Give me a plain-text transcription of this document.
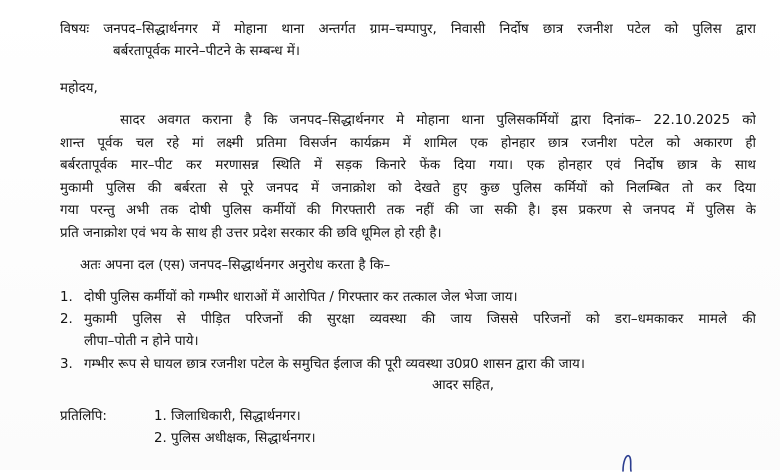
विषयः जनपद–सिद्धार्थनगर में मोहाना थाना अन्तर्गत ग्राम–चम्पापुर, निवासी निर्दोष छात्र रजनीश पटेल को पुलिस द्वारा
बर्बरतापूर्वक मारने–पीटने के सम्बन्ध में।
महोदय,
सादर अवगत कराना है कि जनपद–सिद्धार्थनगर मे मोहाना थाना पुलिसकर्मियों द्वारा दिनांक– 22.10.2025 को
शान्त पूर्वक चल रहे मां लक्ष्मी प्रतिमा विसर्जन कार्यक्रम में शामिल एक होनहार छात्र रजनीश पटेल को अकारण ही
बर्बरतापूर्वक मार–पीट कर मरणासन्न स्थिति में सड़क किनारे फेंक दिया गया। एक होनहार एवं निर्दोष छात्र के साथ
मुकामी पुलिस की बर्बरता से पूरे जनपद में जनाक्रोश को देखते हुए कुछ पुलिस कर्मियों को निलम्बित तो कर दिया
गया परन्तु अभी तक दोषी पुलिस कर्मीयों की गिरफ्तारी तक नहीं की जा सकी है। इस प्रकरण से जनपद में पुलिस के
प्रति जनाक्रोश एवं भय के साथ ही उत्तर प्रदेश सरकार की छवि धूमिल हो रही है।
अतः अपना दल (एस) जनपद–सिद्धार्थनगर अनुरोध करता है कि–
1. दोषी पुलिस कर्मीयों को गम्भीर धाराओं में आरोपित / गिरफ्तार कर तत्काल जेल भेजा जाय।
2. मुकामी पुलिस से पीड़ित परिजनों की सुरक्षा व्यवस्था की जाय जिससे परिजनों को डरा–धमकाकर मामले की
लीपा–पोती न होने पाये।
3. गम्भीर रूप से घायल छात्र रजनीश पटेल के समुचित ईलाज की पूरी व्यवस्था उ0प्र0 शासन द्वारा की जाय।
आदर सहित,
प्रतिलिपि:	1. जिलाधिकारी, सिद्धार्थनगर।
2. पुलिस अधीक्षक, सिद्धार्थनगर।
